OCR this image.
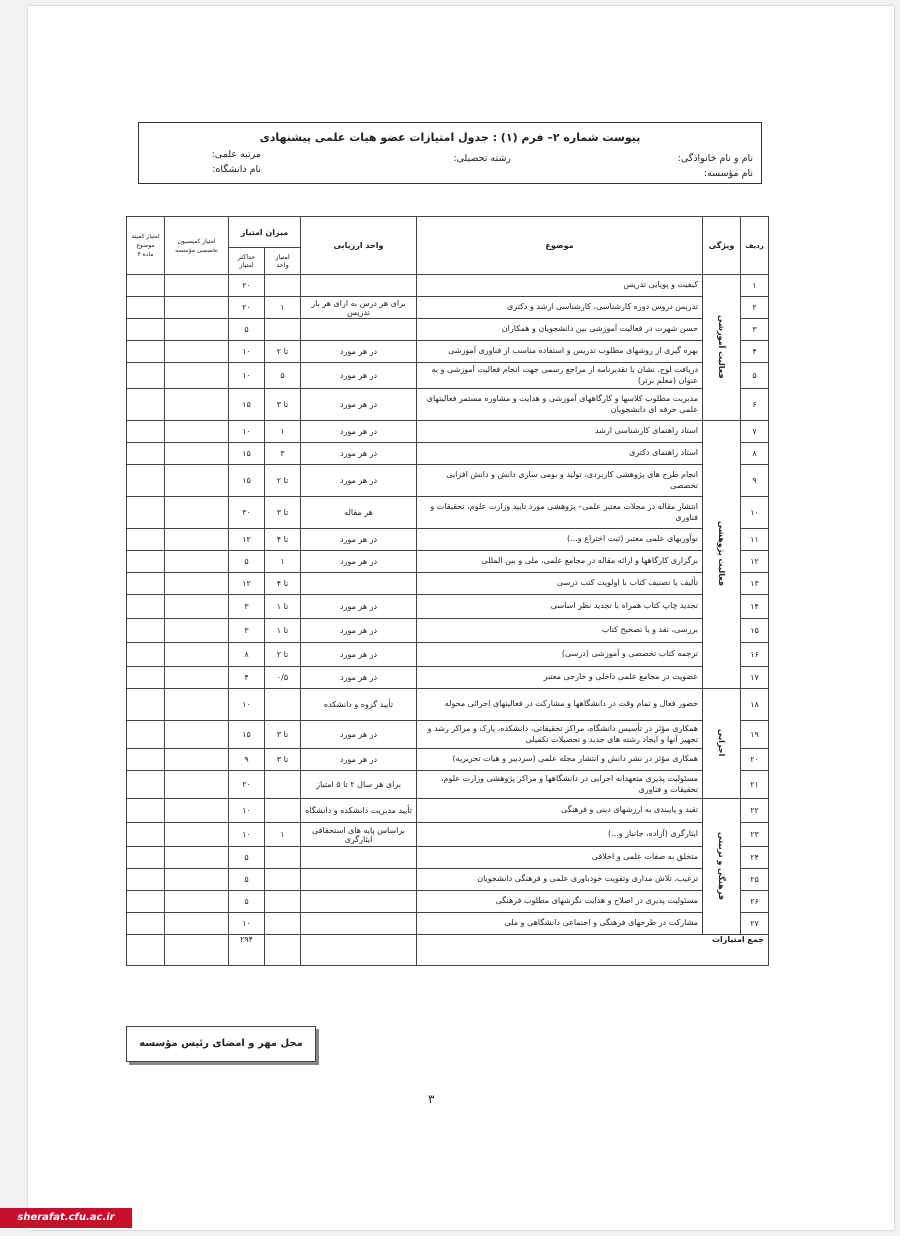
پیوست شماره ۲– فرم (۱) : جدول امتیازات عضو هیات علمی پیشنهادی
نام و نام خانوادگی:
رشته تحصیلی:
مرتبه علمی:
نام مؤسسه:
نام دانشگاه:
ردیف	ویژگی	موضوع	واحد ارزیابی	میزان امتیاز		امتیاز کمیسیون تخصصی مؤسسه	امتیاز کمیته موضوع ماده ۴
				امتیاز واحد	حداکثر امتیاز		
۱	فعالیت آموزشی	کیفیت و پویایی تدریس			۲۰		
۲		تدریس دروس دوره کارشناسی، کارشناسی ارشد و دکتری	برای هر درس به ازای هر بار تدریس	۱	۲۰		
۳		حسن شهرت در فعالیت آموزشی بین دانشجویان و همکاران			۵		
۴		بهره گیری از روشهای مطلوب تدریس و استفاده مناسب از فناوری آموزشی	در هر مورد	تا ۲	۱۰		
۵		دریافت لوح، نشان یا تقدیرنامه از مراجع رسمی جهت انجام فعالیت آموزشی و به عنوان (معلم برتر)	در هر مورد	۵	۱۰		
۶		مدیریت مطلوب کلاسها و کارگاههای آموزشی و هدایت و مشاوره مستمر فعالیتهای علمی حرفه ای دانشجویان	در هر مورد	تا ۳	۱۵		
۷	فعالیت پژوهشی	استاد راهنمای کارشناسی ارشد	در هر مورد	۱	۱۰		
۸		استاد راهنمای دکتری	در هر مورد	۳	۱۵		
۹		انجام طرح های پژوهشی کاربردی، تولید و بومی سازی دانش و دانش افزایی تخصصی	در هر مورد	تا ۲	۱۵		
۱۰		انتشار مقاله در مجلات معتبر علمی– پژوهشی مورد تایید وزارت علوم، تحقیقات و فناوری	هر مقاله	تا ۳	۳۰		
۱۱		نوآوریهای علمی معتبر (ثبت اختراع و...)	در هر مورد	تا ۴	۱۲		
۱۲		برگزاری کارگاهها و ارائه مقاله در مجامع علمی، ملی و بین المللی	در هر مورد	۱	۵		
۱۳		تألیف یا تصنیف کتاب با اولویت کتب درسی		تا ۴	۱۲		
۱۴		تجدید چاپ کتاب همراه با تجدید نظر اساسی	در هر مورد	تا ۱	۳		
۱۵		بررسی، نقد و یا تصحیح کتاب	در هر مورد	تا ۱	۳		
۱۶		ترجمه کتاب تخصصی و آموزشی (درسی)	در هر مورد	تا ۲	۸		
۱۷		عضویت در مجامع علمی داخلی و خارجی معتبر	در هر مورد	۰/۵	۴		
۱۸	اجرایی	حضور فعال و تمام وقت در دانشگاهها و مشارکت در فعالیتهای اجرائی محوله	تأیید گروه و دانشکده		۱۰		
۱۹		همکاری مؤثر در تأسیس دانشگاه، مراکز تحقیقاتی، دانشکده، پارک و مراکز رشد و تجهیز آنها و ایجاد رشته های جدید و تحصیلات تکمیلی	در هر مورد	تا ۳	۱۵		
۲۰		همکاری مؤثر در نشر دانش و انتشار مجله علمی (سردبیر و هیات تحریریه)	در هر مورد	تا ۳	۹		
۲۱		مسئولیت پذیری متعهدانه اجرایی در دانشگاهها و مراکز پژوهشی وزارت علوم، تحقیقات و فناوری	برای هر سال ۲ تا ۵ امتیاز		۲۰		
۲۲	فرهنگی و تربیتی	تقید و پایبندی به ارزشهای دینی و فرهنگی	تأیید مدیریت دانشکده و دانشگاه		۱۰		
۲۳		ایثارگری (آزاده، جانباز و...)	براساس پایه های استحقاقی ایثارگری	۱	۱۰		
۲۴		متخلق به صفات علمی و اخلاقی			۵		
۲۵		ترغیب، تلاش مداری وتقویت خودباوری علمی و فرهنگی دانشجویان			۵		
۲۶		مسئولیت پذیری در اصلاح و هدایت نگرشهای مطلوب فرهنگی			۵		
۲۷		مشارکت در طرحهای فرهنگی و اجتماعی دانشگاهی و ملی			۱۰		
جمع امتیازات					۲۹۴		
محل مهر و امضای رئیس مؤسسه
۳
sherafat.cfu.ac.ir
